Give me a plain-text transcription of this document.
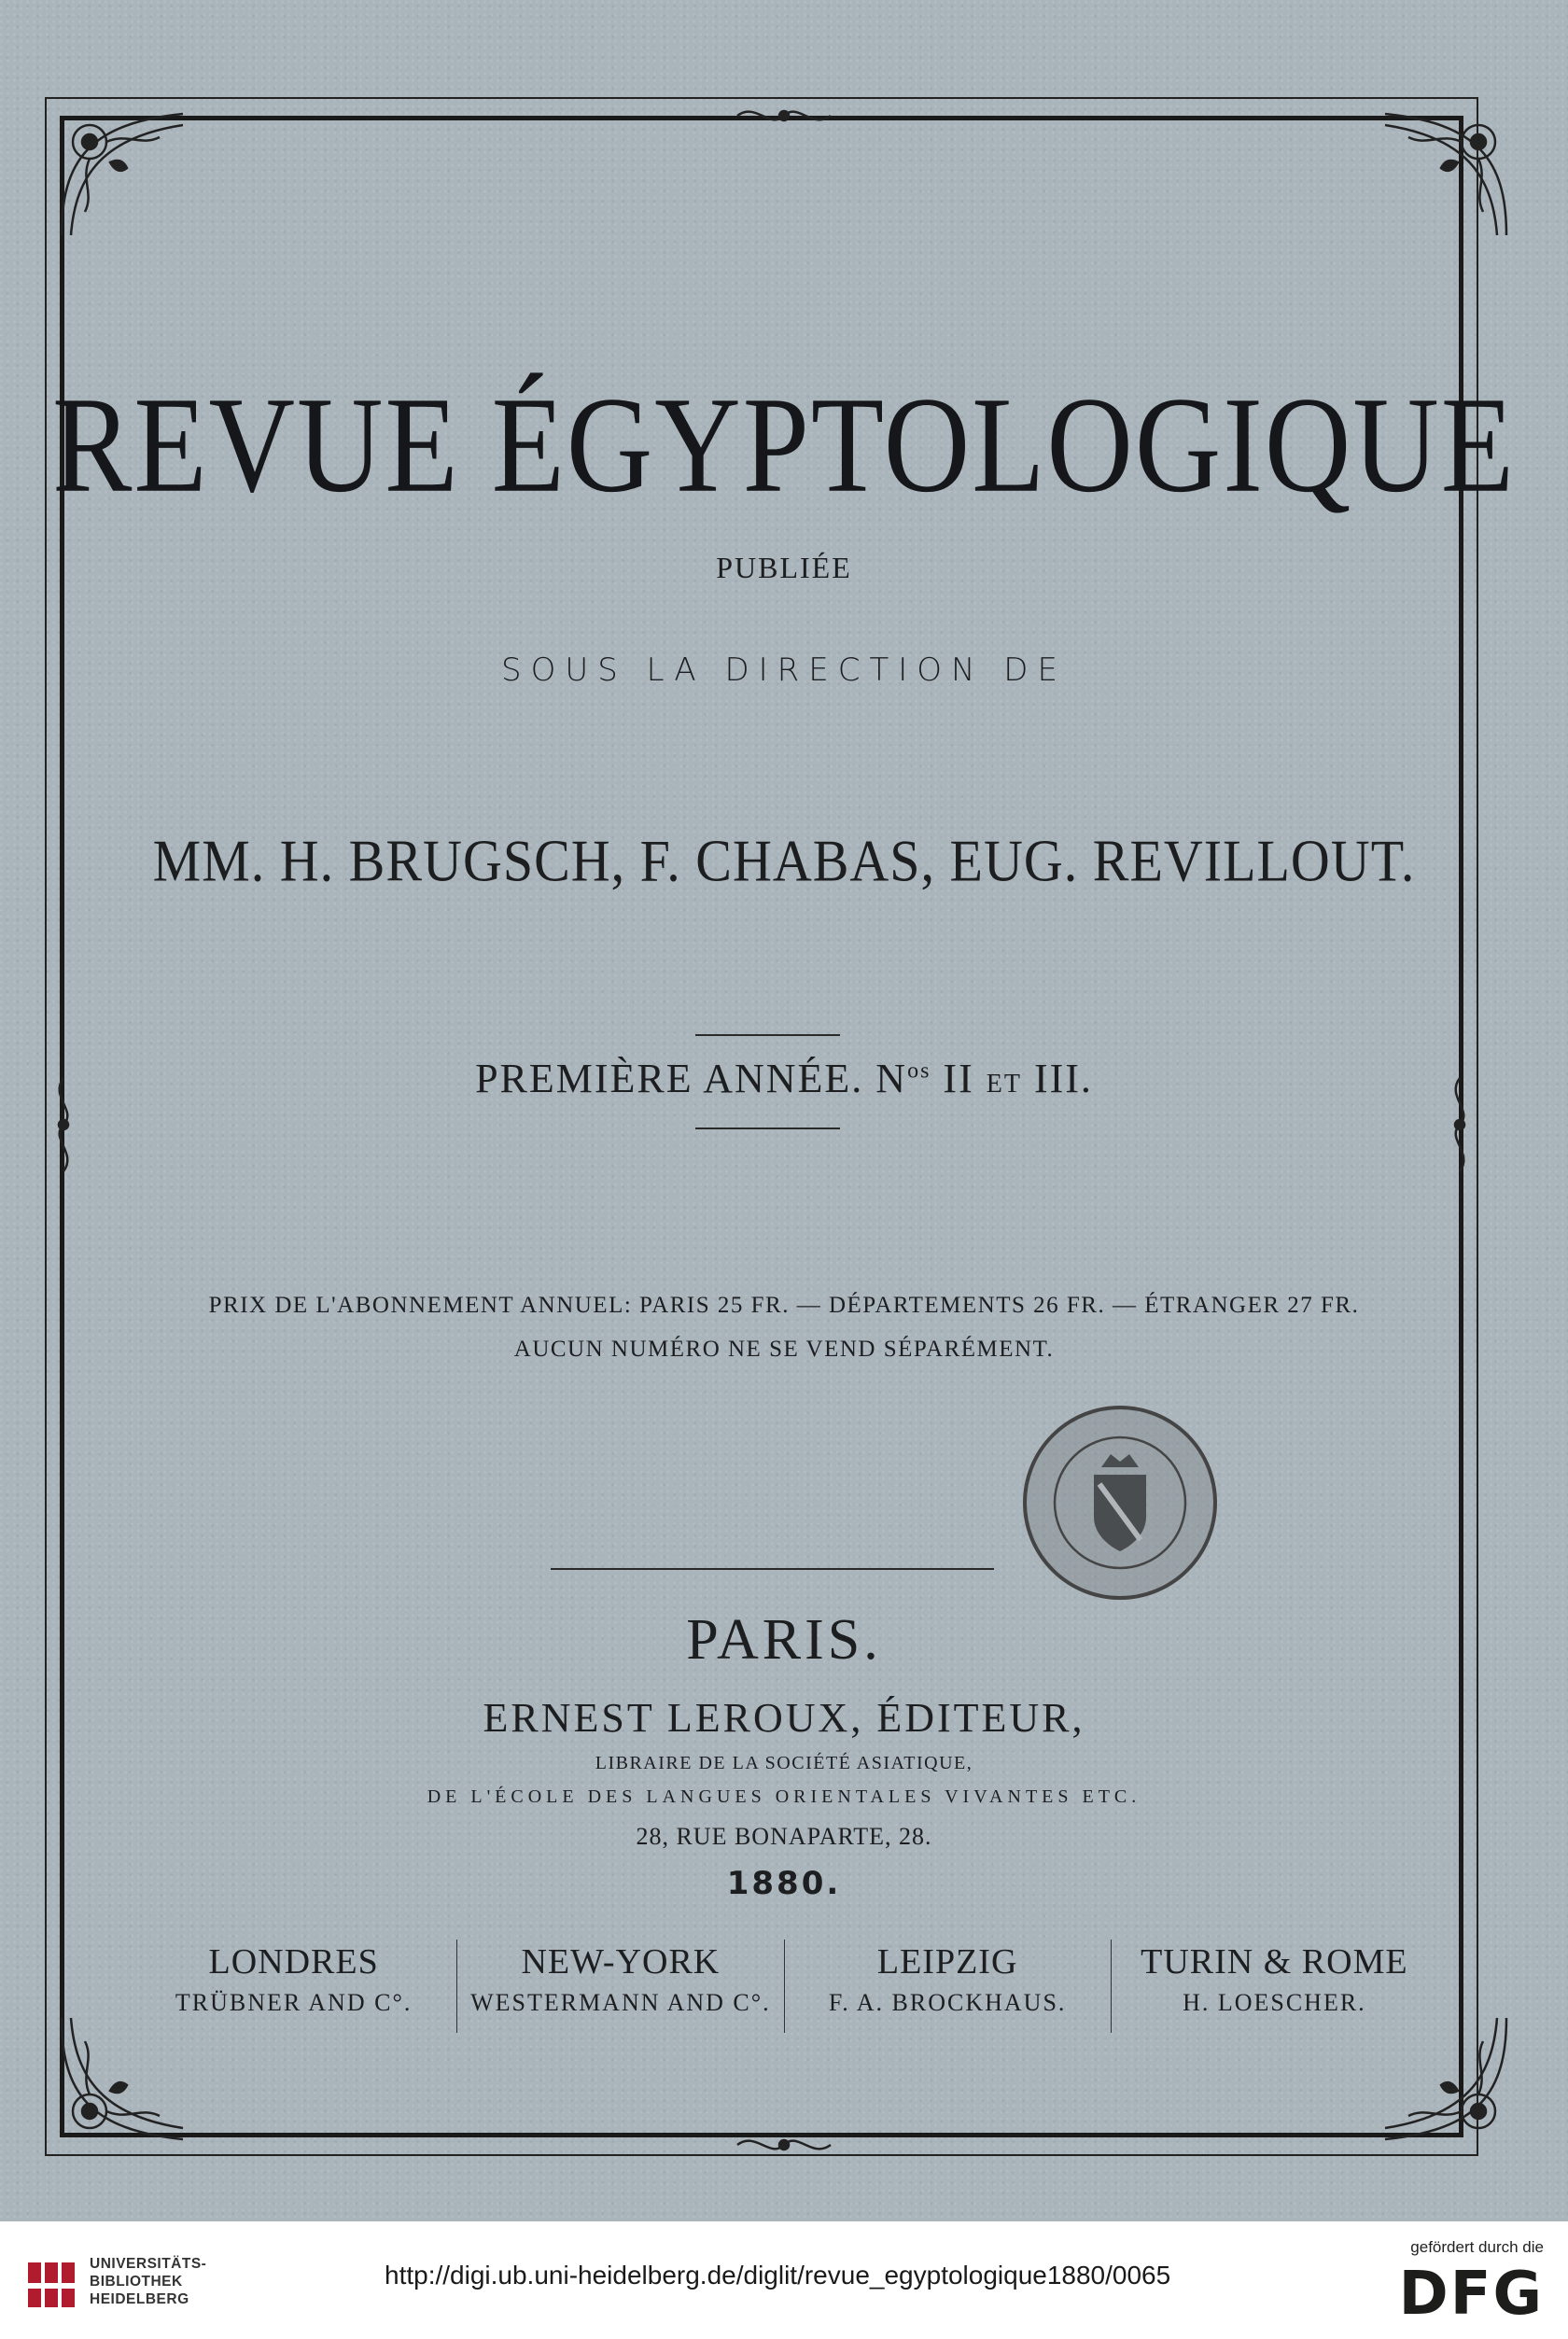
REVUE ÉGYPTOLOGIQUE
PUBLIÉE
SOUS LA DIRECTION DE
MM. H. BRUGSCH, F. CHABAS, EUG. REVILLOUT.
PREMIÈRE ANNÉE. $N^{os}$ II ET III.
PRIX DE L'ABONNEMENT ANNUEL: PARIS 25 FR. — DÉPARTEMENTS 26 FR. — ÉTRANGER 27 FR.
AUCUN NUMÉRO NE SE VEND SÉPARÉMENT.
PARIS.
ERNEST LEROUX, ÉDITEUR,
LIBRAIRE DE LA SOCIÉTÉ ASIATIQUE,
DE L'ÉCOLE DES LANGUES ORIENTALES VIVANTES ETC.
28, RUE BONAPARTE, 28.
1880.
LONDRES
TRÜBNER AND C°.
NEW-YORK
WESTERMANN AND C°.
LEIPZIG
F. A. BROCKHAUS.
TURIN & ROME
H. LOESCHER.
UNIVERSITÄTS-
BIBLIOTHEK
HEIDELBERG
http://digi.ub.uni-heidelberg.de/diglit/revue_egyptologique1880/0065
gefördert durch die
DFG
